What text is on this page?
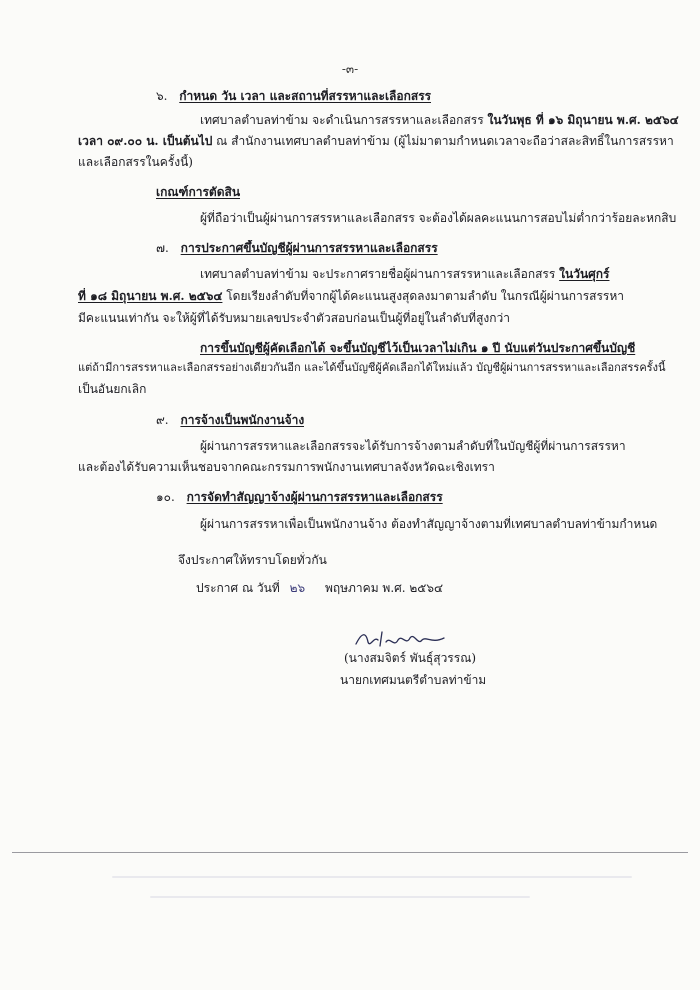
-๓-
๖. กำหนด วัน เวลา และสถานที่สรรหาและเลือกสรร
เทศบาลตำบลท่าข้าม จะดำเนินการสรรหาและเลือกสรร ในวันพุธ ที่ ๑๖ มิถุนายน พ.ศ. ๒๕๖๔
เวลา ๐๙.๐๐ น. เป็นต้นไป ณ สำนักงานเทศบาลตำบลท่าข้าม (ผู้ไม่มาตามกำหนดเวลาจะถือว่าสละสิทธิ์ในการสรรหา
และเลือกสรรในครั้งนี้)
เกณฑ์การตัดสิน
ผู้ที่ถือว่าเป็นผู้ผ่านการสรรหาและเลือกสรร จะต้องได้ผลคะแนนการสอบไม่ต่ำกว่าร้อยละหกสิบ
๗. การประกาศขึ้นบัญชีผู้ผ่านการสรรหาและเลือกสรร
เทศบาลตำบลท่าข้าม จะประกาศรายชื่อผู้ผ่านการสรรหาและเลือกสรร ในวันศุกร์
ที่ ๑๘ มิถุนายน พ.ศ. ๒๕๖๔ โดยเรียงลำดับที่จากผู้ได้คะแนนสูงสุดลงมาตามลำดับ ในกรณีผู้ผ่านการสรรหา
มีคะแนนเท่ากัน จะให้ผู้ที่ได้รับหมายเลขประจำตัวสอบก่อนเป็นผู้ที่อยู่ในลำดับที่สูงกว่า
การขึ้นบัญชีผู้คัดเลือกได้ จะขึ้นบัญชีไว้เป็นเวลาไม่เกิน ๑ ปี นับแต่วันประกาศขึ้นบัญชี
แต่ถ้ามีการสรรหาและเลือกสรรอย่างเดียวกันอีก และได้ขึ้นบัญชีผู้คัดเลือกได้ใหม่แล้ว บัญชีผู้ผ่านการสรรหาและเลือกสรรครั้งนี้
เป็นอันยกเลิก
๙. การจ้างเป็นพนักงานจ้าง
ผู้ผ่านการสรรหาและเลือกสรรจะได้รับการจ้างตามลำดับที่ในบัญชีผู้ที่ผ่านการสรรหา
และต้องได้รับความเห็นชอบจากคณะกรรมการพนักงานเทศบาลจังหวัดฉะเชิงเทรา
๑๐. การจัดทำสัญญาจ้างผู้ผ่านการสรรหาและเลือกสรร
ผู้ผ่านการสรรหาเพื่อเป็นพนักงานจ้าง ต้องทำสัญญาจ้างตามที่เทศบาลตำบลท่าข้ามกำหนด
จึงประกาศให้ทราบโดยทั่วกัน
ประกาศ ณ วันที่ ๒๖ พฤษภาคม พ.ศ. ๒๕๖๔
(นางสมจิตร์ พันธุ์สุวรรณ)
นายกเทศมนตรีตำบลท่าข้าม
